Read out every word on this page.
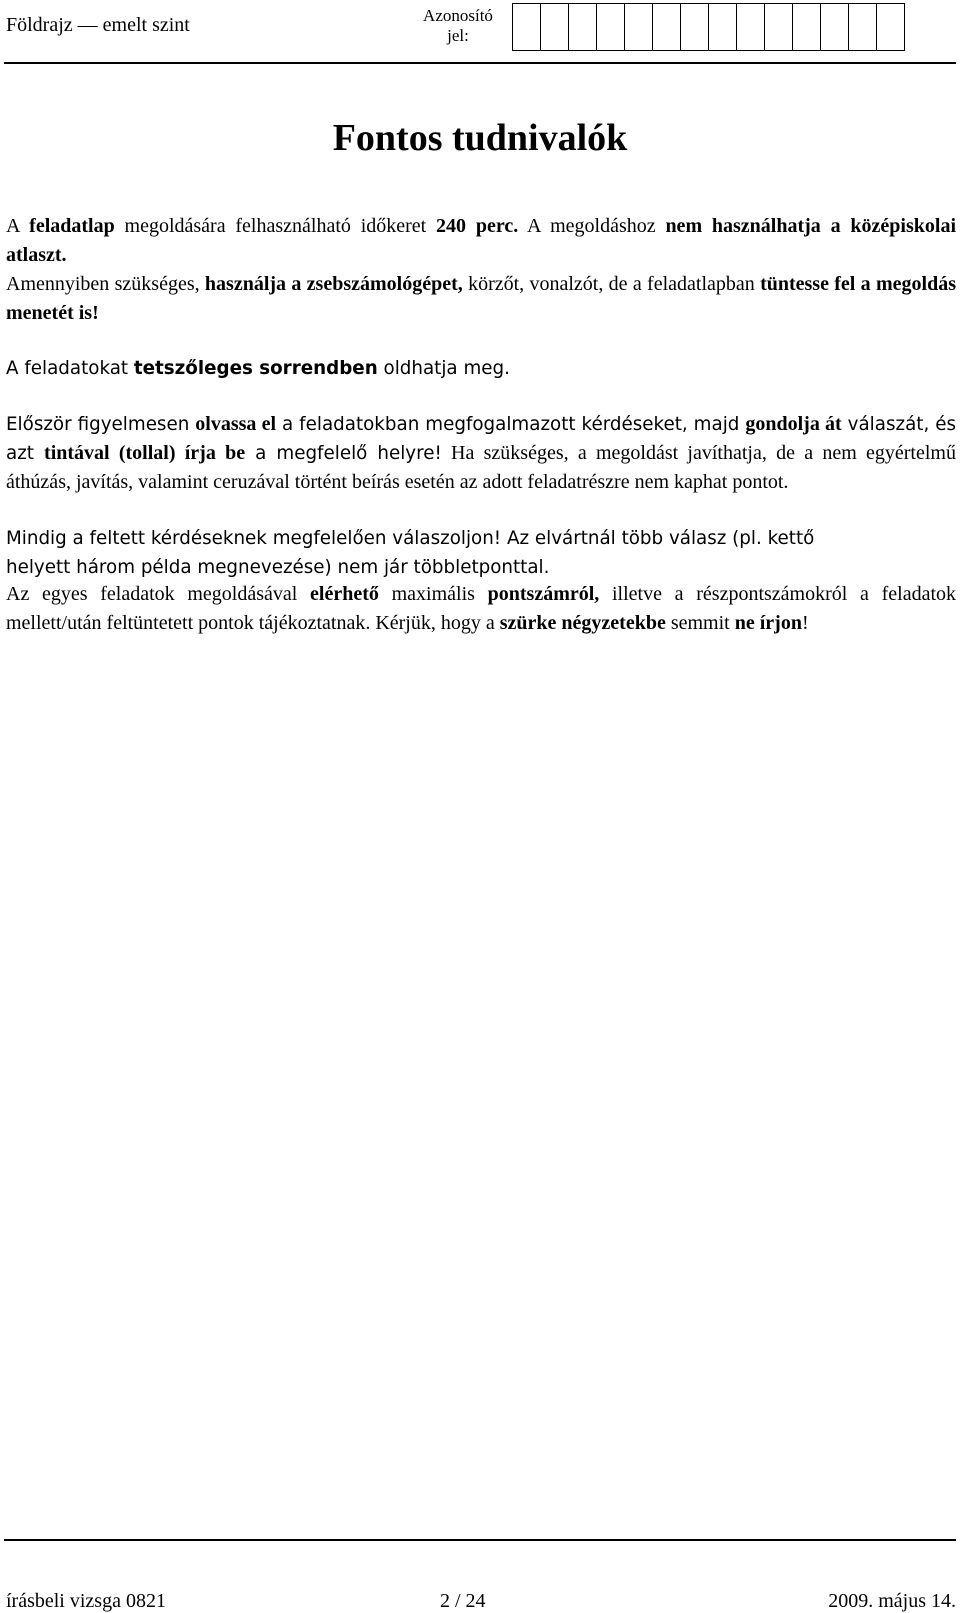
Földrajz — emelt szint	Azonosító
jel:
Fontos tudnivalók
A feladatlap megoldására felhasználható időkeret 240 perc. A megoldáshoz nem használhatja a középiskolai atlaszt.
Amennyiben szükséges, használja a zsebszámológépet, körzőt, vonalzót, de a feladatlapban tüntesse fel a megoldás menetét is!
A feladatokat tetszőleges sorrendben oldhatja meg.
Először figyelmesen olvassa el a feladatokban megfogalmazott kérdéseket, majd gondolja át válaszát, és azt tintával (tollal) írja be a megfelelő helyre! Ha szükséges, a megoldást javíthatja, de a nem egyértelmű áthúzás, javítás, valamint ceruzával történt beírás esetén az adott feladatrészre nem kaphat pontot.
Mindig a feltett kérdéseknek megfelelően válaszoljon! Az elvártnál több válasz (pl. kettő
helyett három példa megnevezése) nem jár többletponttal.
Az egyes feladatok megoldásával elérhető maximális pontszámról, illetve a részpontszámokról a feladatok mellett/után feltüntetett pontok tájékoztatnak. Kérjük, hogy a szürke négyzetekbe semmit ne írjon!
írásbeli vizsga 0821	2 / 24	2009. május 14.
